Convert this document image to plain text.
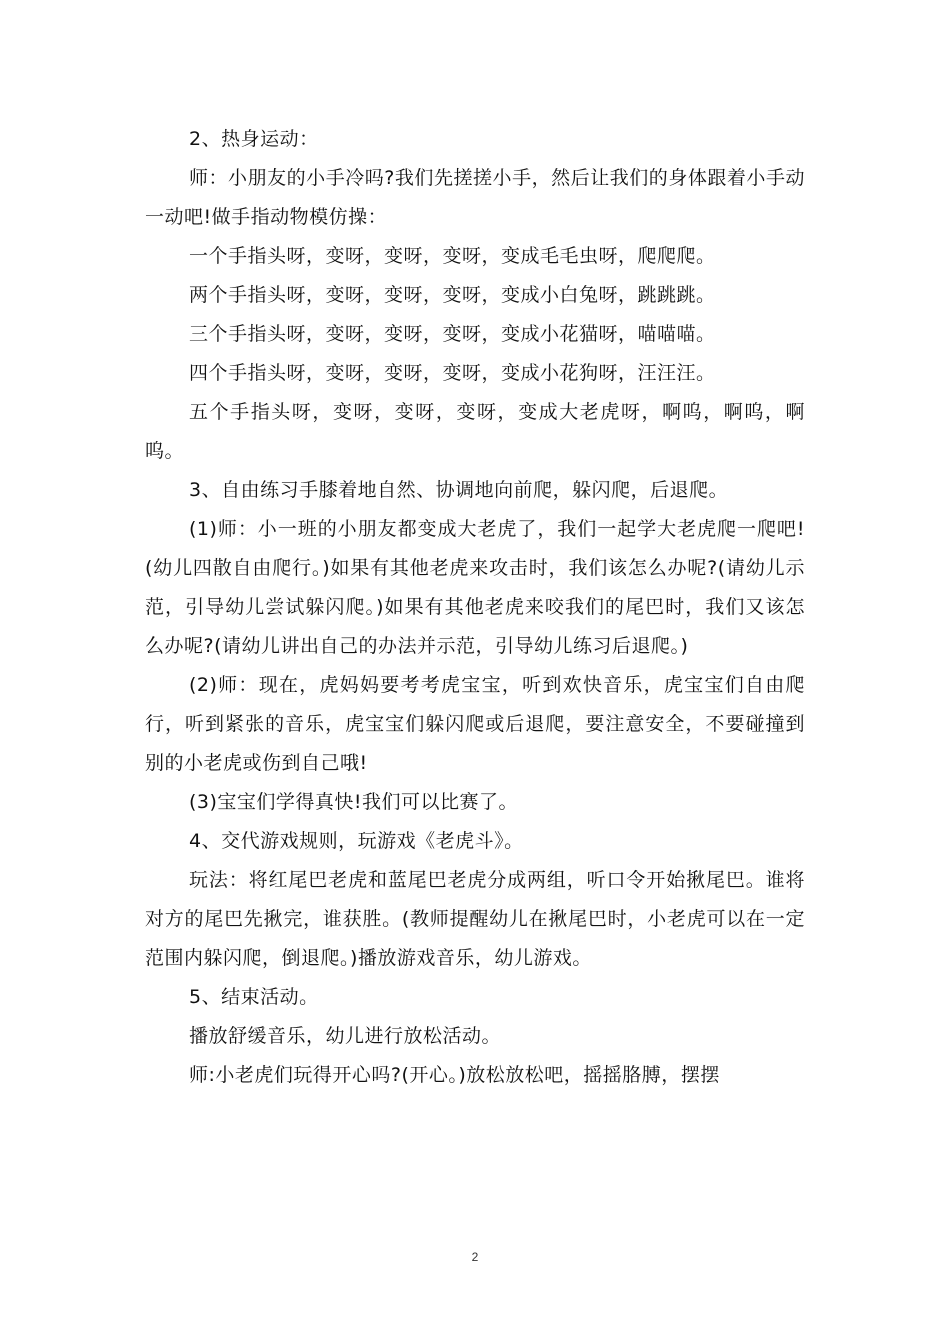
2、热身运动：

师：小朋友的小手冷吗?我们先搓搓小手，然后让我们的身体跟着小手动一动吧!做手指动物模仿操：

一个手指头呀，变呀，变呀，变呀，变成毛毛虫呀，爬爬爬。

两个手指头呀，变呀，变呀，变呀，变成小白兔呀，跳跳跳。

三个手指头呀，变呀，变呀，变呀，变成小花猫呀，喵喵喵。

四个手指头呀，变呀，变呀，变呀，变成小花狗呀，汪汪汪。

五个手指头呀，变呀，变呀，变呀，变成大老虎呀，啊呜，啊呜，啊呜。

3、自由练习手膝着地自然、协调地向前爬，躲闪爬，后退爬。

(1)师：小一班的小朋友都变成大老虎了，我们一起学大老虎爬一爬吧!(幼儿四散自由爬行。)如果有其他老虎来攻击时，我们该怎么办呢?(请幼儿示范，引导幼儿尝试躲闪爬。)如果有其他老虎来咬我们的尾巴时，我们又该怎么办呢?(请幼儿讲出自己的办法并示范，引导幼儿练习后退爬。)

(2)师：现在，虎妈妈要考考虎宝宝，听到欢快音乐，虎宝宝们自由爬行，听到紧张的音乐，虎宝宝们躲闪爬或后退爬，要注意安全，不要碰撞到别的小老虎或伤到自己哦!

(3)宝宝们学得真快!我们可以比赛了。

4、交代游戏规则，玩游戏《老虎斗》。

玩法：将红尾巴老虎和蓝尾巴老虎分成两组，听口令开始揪尾巴。谁将对方的尾巴先揪完，谁获胜。(教师提醒幼儿在揪尾巴时，小老虎可以在一定范围内躲闪爬，倒退爬。)播放游戏音乐，幼儿游戏。

5、结束活动。

播放舒缓音乐，幼儿进行放松活动。

师:小老虎们玩得开心吗?(开心。)放松放松吧，摇摇胳膊，摆摆

2
